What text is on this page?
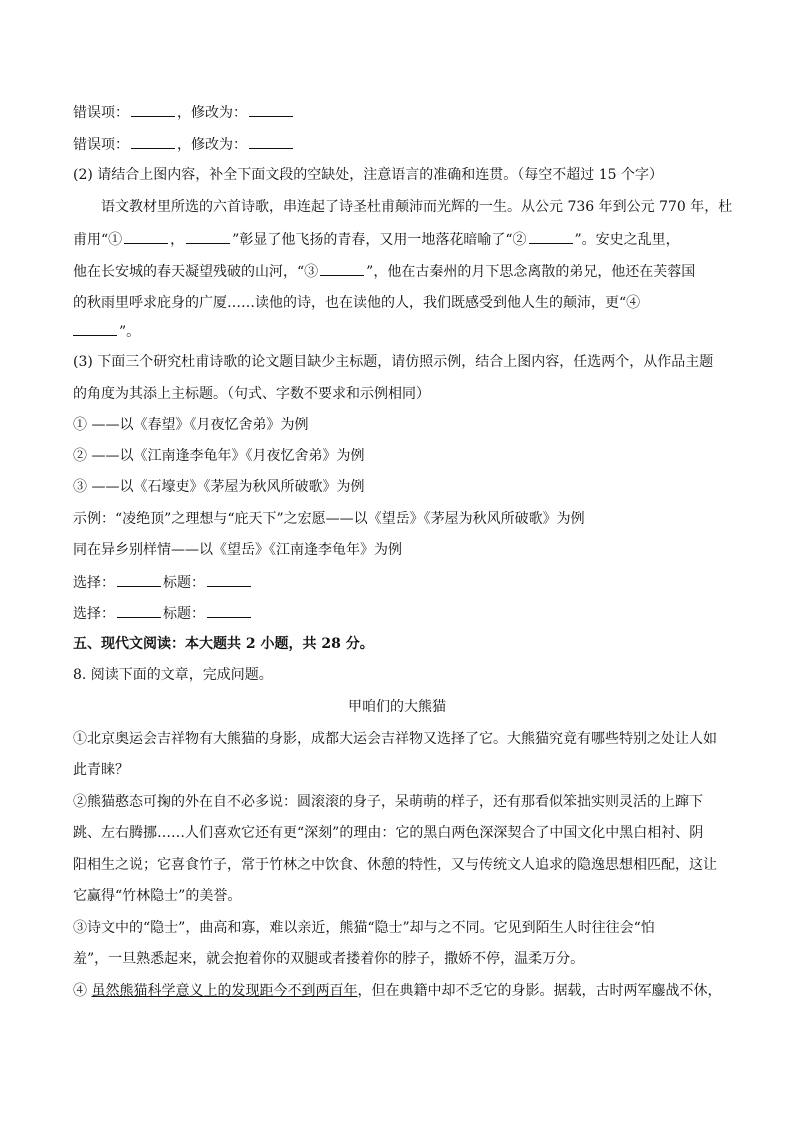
错误项：	，修改为：
错误项：	，修改为：
(2) 请结合上图内容，补全下面文段的空缺处，注意语言的准确和连贯。（每空不超过 15 个字）
语文教材里所选的六首诗歌，串连起了诗圣杜甫颠沛而光辉的一生。从公元 736 年到公元 770 年，杜
甫用“①	，	”彰显了他飞扬的青春，又用一地落花暗喻了“②	”。安史之乱里，
他在长安城的春天凝望残破的山河，“③	”，他在古秦州的月下思念离散的弟兄，他还在芙蓉国
的秋雨里呼求庇身的广厦……读他的诗，也在读他的人，我们既感受到他人生的颠沛，更“④
”。
(3) 下面三个研究杜甫诗歌的论文题目缺少主标题，请仿照示例，结合上图内容，任选两个，从作品主题
的角度为其添上主标题。（句式、字数不要求和示例相同）
① ——以《春望》《月夜忆舍弟》为例
② ——以《江南逢李龟年》《月夜忆舍弟》为例
③ ——以《石壕吏》《茅屋为秋风所破歌》为例
示例：“凌绝顶”之理想与“庇天下”之宏愿——以《望岳》《茅屋为秋风所破歌》为例
同在异乡别样情——以《望岳》《江南逢李龟年》为例
选择：	标题：
选择：	标题：
五、现代文阅读：本大题共 2 小题，共 28 分。
8. 阅读下面的文章，完成问题。
甲咱们的大熊猫
①北京奥运会吉祥物有大熊猫的身影，成都大运会吉祥物又选择了它。大熊猫究竟有哪些特别之处让人如
此青睐？
②熊猫憨态可掬的外在自不必多说：圆滚滚的身子，呆萌萌的样子，还有那看似笨拙实则灵活的上蹿下
跳、左右腾挪……人们喜欢它还有更“深刻”的理由：它的黑白两色深深契合了中国文化中黑白相衬、阴
阳相生之说；它喜食竹子，常于竹林之中饮食、休憩的特性，又与传统文人追求的隐逸思想相匹配，这让
它赢得“竹林隐士”的美誉。
③诗文中的“隐士”，曲高和寡，难以亲近，熊猫“隐士”却与之不同。它见到陌生人时往往会“怕
羞”，一旦熟悉起来，就会抱着你的双腿或者搂着你的脖子，撒娇不停，温柔万分。
④ 虽然熊猫科学意义上的发现距今不到两百年，但在典籍中却不乏它的身影。据载，古时两军鏖战不休，
